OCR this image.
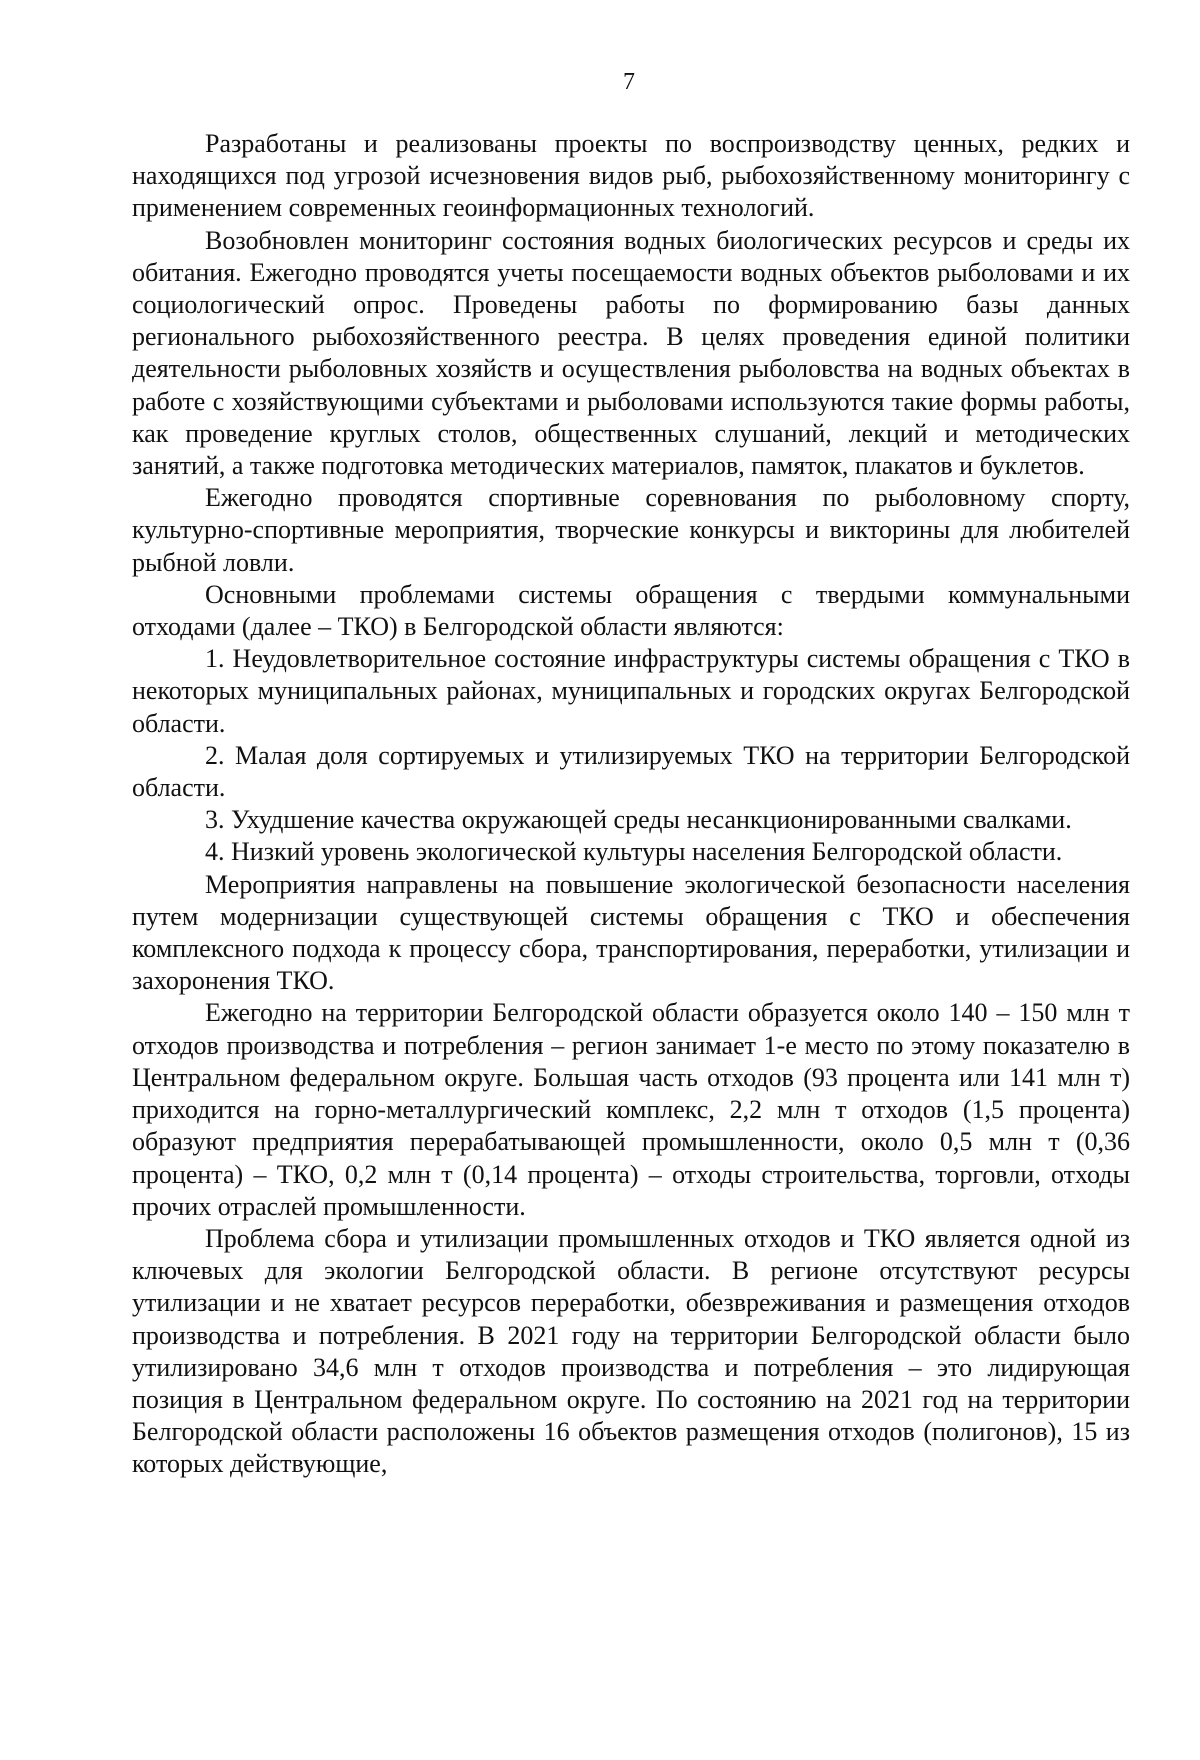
7

Разработаны и реализованы проекты по воспроизводству ценных, редких и находящихся под угрозой исчезновения видов рыб, рыбохозяйственному мониторингу с применением современных геоинформационных технологий.

Возобновлен мониторинг состояния водных биологических ресурсов и среды их обитания. Ежегодно проводятся учеты посещаемости водных объектов рыболовами и их социологический опрос. Проведены работы по формированию базы данных регионального рыбохозяйственного реестра. В целях проведения единой политики деятельности рыболовных хозяйств и осуществления рыболовства на водных объектах в работе с хозяйствующими субъектами и рыболовами используются такие формы работы, как проведение круглых столов, общественных слушаний, лекций и методических занятий, а также подготовка методических материалов, памяток, плакатов и буклетов.

Ежегодно проводятся спортивные соревнования по рыболовному спорту, культурно-спортивные мероприятия, творческие конкурсы и викторины для любителей рыбной ловли.

Основными проблемами системы обращения с твердыми коммунальными отходами (далее – ТКО) в Белгородской области являются:

1. Неудовлетворительное состояние инфраструктуры системы обращения с ТКО в некоторых муниципальных районах, муниципальных и городских округах Белгородской области.

2. Малая доля сортируемых и утилизируемых ТКО на территории Белгородской области.

3. Ухудшение качества окружающей среды несанкционированными свалками.

4. Низкий уровень экологической культуры населения Белгородской области.

Мероприятия направлены на повышение экологической безопасности населения путем модернизации существующей системы обращения с ТКО и обеспечения комплексного подхода к процессу сбора, транспортирования, переработки, утилизации и захоронения ТКО.

Ежегодно на территории Белгородской области образуется около 140 – 150 млн т отходов производства и потребления – регион занимает 1-е место по этому показателю в Центральном федеральном округе. Большая часть отходов (93 процента или 141 млн т) приходится на горно-металлургический комплекс, 2,2 млн т отходов (1,5 процента) образуют предприятия перерабатывающей промышленности, около 0,5 млн т (0,36 процента) – ТКО, 0,2 млн т (0,14 процента) – отходы строительства, торговли, отходы прочих отраслей промышленности.

Проблема сбора и утилизации промышленных отходов и ТКО является одной из ключевых для экологии Белгородской области. В регионе отсутствуют ресурсы утилизации и не хватает ресурсов переработки, обезвреживания и размещения отходов производства и потребления. В 2021 году на территории Белгородской области было утилизировано 34,6 млн т отходов производства и потребления – это лидирующая позиция в Центральном федеральном округе. По состоянию на 2021 год на территории Белгородской области расположены 16 объектов размещения отходов (полигонов), 15 из которых действующие,
